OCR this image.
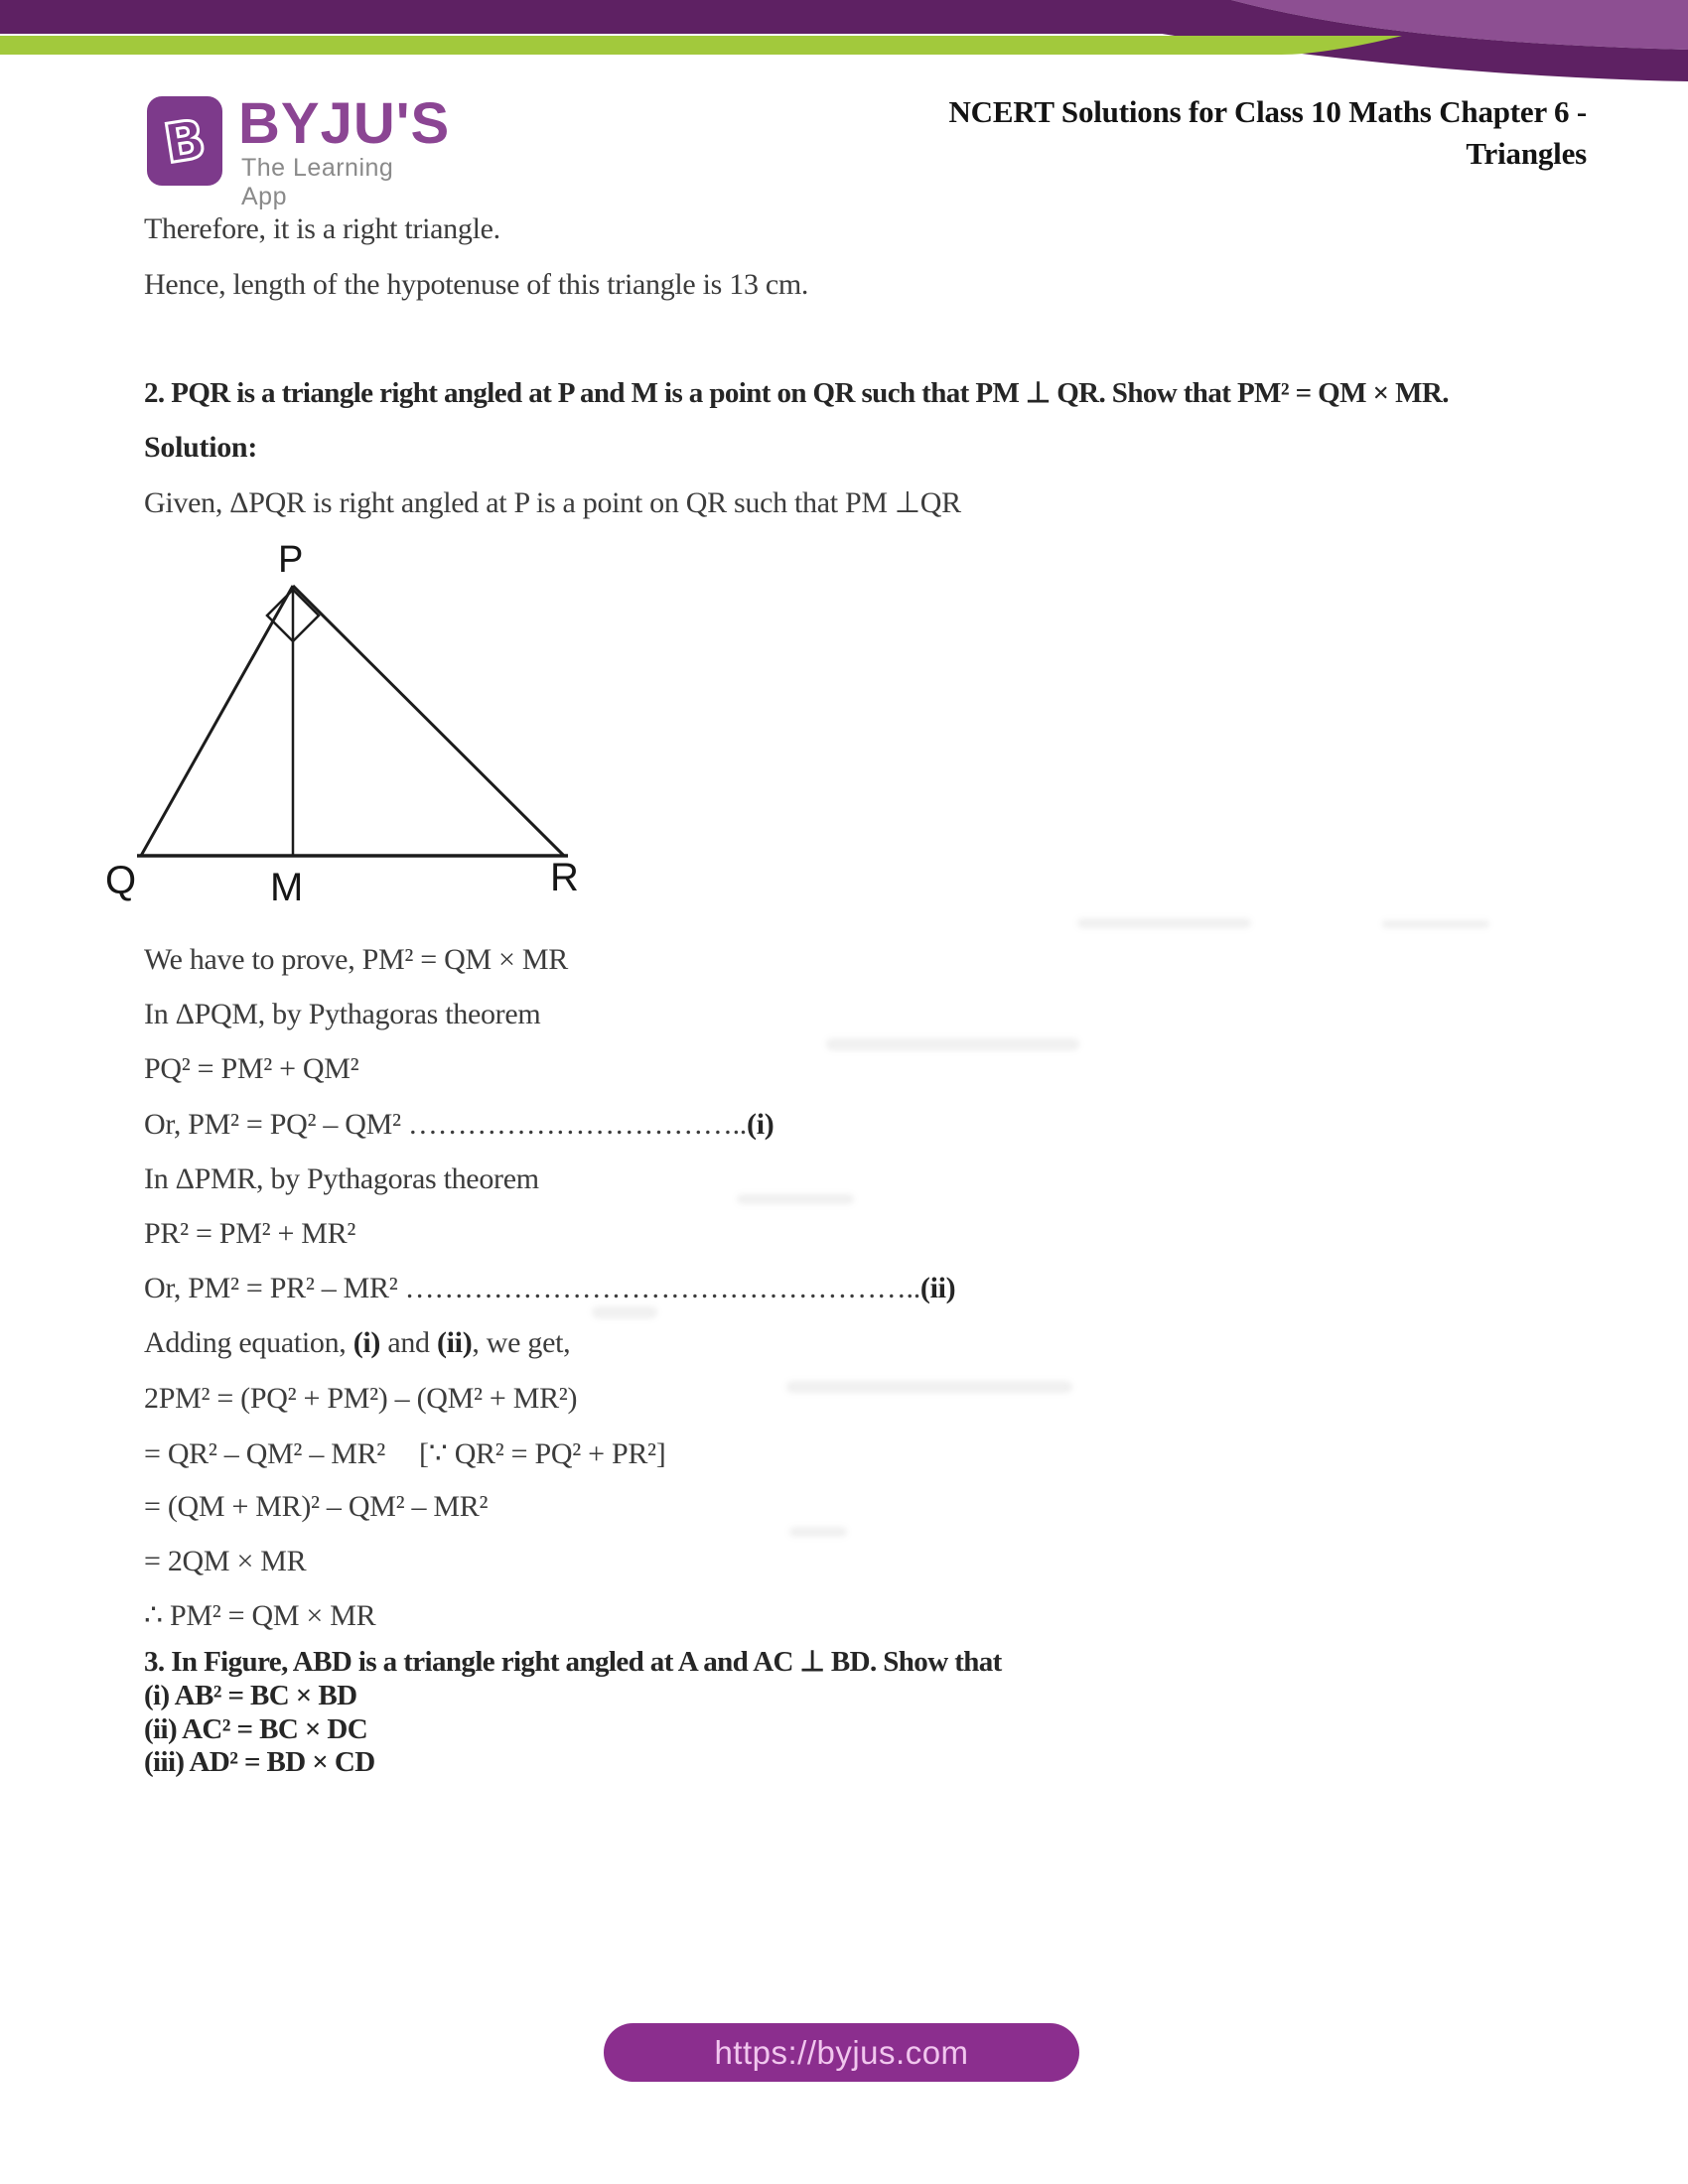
B BYJU'S
The Learning App
NCERT Solutions for Class 10 Maths Chapter 6 -
Triangles
Therefore, it is a right triangle.
Hence, length of the hypotenuse of this triangle is 13 cm.
2. PQR is a triangle right angled at P and M is a point on QR such that PM ⊥ QR. Show that PM² = QM × MR.
Solution:
Given, ΔPQR is right angled at P is a point on QR such that PM ⊥QR
P
Q	M	R
We have to prove, PM² = QM × MR
In ΔPQM, by Pythagoras theorem
PQ² = PM² + QM²
Or, PM² = PQ² – QM² ……………………………..(i)
In ΔPMR, by Pythagoras theorem
PR² = PM² + MR²
Or, PM² = PR² – MR² ……………………………………………..(ii)
Adding equation, (i) and (ii), we get,
2PM² = (PQ² + PM²) – (QM² + MR²)
= QR² – QM² – MR² [∵ QR² = PQ² + PR²]
= (QM + MR)² – QM² – MR²
= 2QM × MR
∴ PM² = QM × MR
3. In Figure, ABD is a triangle right angled at A and AC ⊥ BD. Show that
(i) AB² = BC × BD
(ii) AC² = BC × DC
(iii) AD² = BD × CD
https://byjus.com
